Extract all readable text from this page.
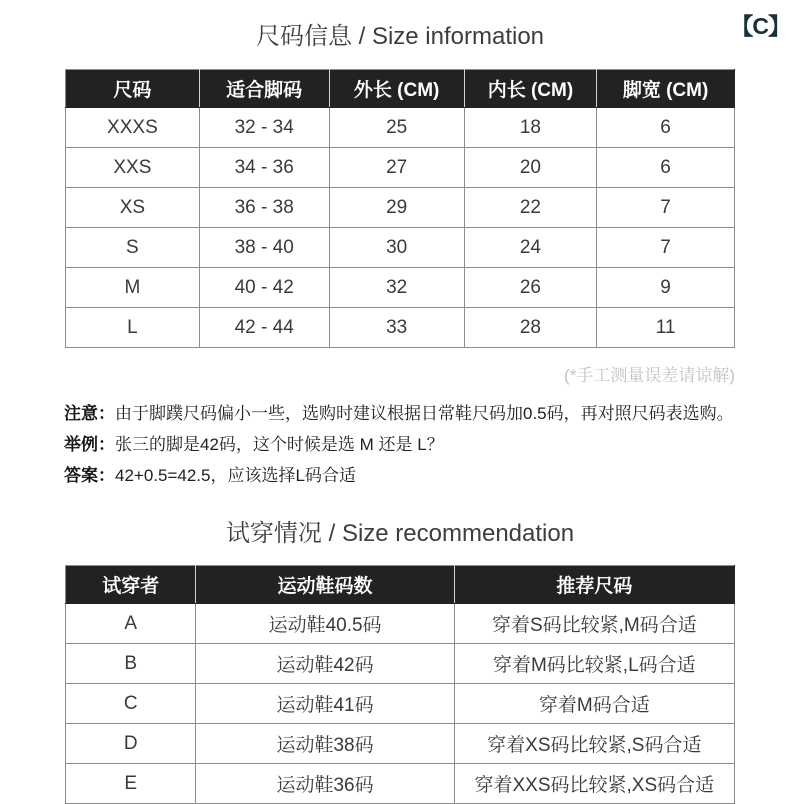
【C】
尺码信息 / Size information
尺码	适合脚码	外长 (CM)	内长 (CM)	脚宽 (CM)
XXXS	32 - 34	25	18	6
XXS	34 - 36	27	20	6
XS	36 - 38	29	22	7
S	38 - 40	30	24	7
M	40 - 42	32	26	9
L	42 - 44	33	28	11
(*手工测量误差请谅解)

注意：由于脚蹼尺码偏小一些，选购时建议根据日常鞋尺码加0.5码，再对照尺码表选购。

举例：张三的脚是42码，这个时候是选 M 还是 L？

答案：42+0.5=42.5，应该选择L码合适

试穿情况 / Size recommendation
试穿者	运动鞋码数	推荐尺码
A	运动鞋40.5码	穿着S码比较紧,M码合适
B	运动鞋42码	穿着M码比较紧,L码合适
C	运动鞋41码	穿着M码合适
D	运动鞋38码	穿着XS码比较紧,S码合适
E	运动鞋36码	穿着XXS码比较紧,XS码合适
